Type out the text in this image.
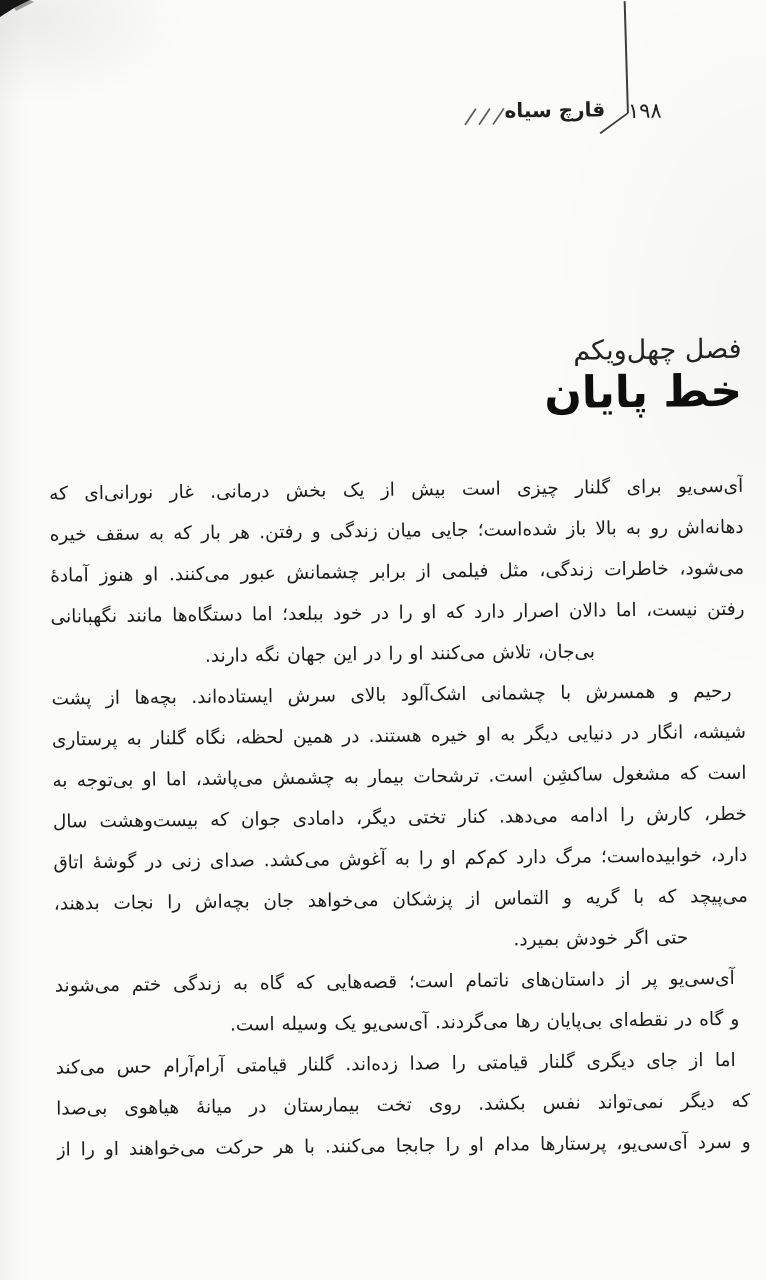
۱۹۸
قارچ سیاه
فصل چهل‌ویکم
خط پایان
آی‌سی‌یو برای گلنار چیزی است بیش از یک بخش درمانی. غار نورانی‌ای که
دهانه‌اش رو به بالا باز شده‌است؛ جایی میان زندگی و رفتن. هر بار که به سقف خیره
می‌شود، خاطرات زندگی، مثل فیلمی از برابر چشمانش عبور می‌کنند. او هنوز آمادهٔ
رفتن نیست، اما دالان اصرار دارد که او را در خود ببلعد؛ اما دستگاه‌ها مانند نگهبانانی
بی‌جان، تلاش می‌کنند او را در این جهان نگه دارند.
رحیم و همسرش با چشمانی اشک‌آلود بالای سرش ایستاده‌اند. بچه‌ها از پشت
شیشه، انگار در دنیایی دیگر به او خیره هستند. در همین لحظه، نگاه گلنار به پرستاری
است که مشغول ساکشِن است. ترشحات بیمار به چشمش می‌پاشد، اما او بی‌توجه به
خطر، کارش را ادامه می‌دهد. کنار تختی دیگر، دامادی جوان که بیست‌وهشت سال
دارد، خوابیده‌است؛ مرگ دارد کم‌کم او را به آغوش می‌کشد. صدای زنی در گوشهٔ اتاق
می‌پیچد که با گریه و التماس از پزشکان می‌خواهد جان بچه‌اش را نجات بدهند،
حتی اگر خودش بمیرد.
آی‌سی‌یو پر از داستان‌های ناتمام است؛ قصه‌هایی که گاه به زندگی ختم می‌شوند
و گاه در نقطه‌ای بی‌پایان رها می‌گردند. آی‌سی‌یو یک وسیله است.
اما از جای دیگری گلنار قیامتی را صدا زده‌اند. گلنار قیامتی آرام‌آرام حس می‌کند
که دیگر نمی‌تواند نفس بکشد. روی تخت بیمارستان در میانهٔ هیاهوی بی‌صدا
و سرد آی‌سی‌یو، پرستارها مدام او را جابجا می‌کنند. با هر حرکت می‌خواهند او را از
